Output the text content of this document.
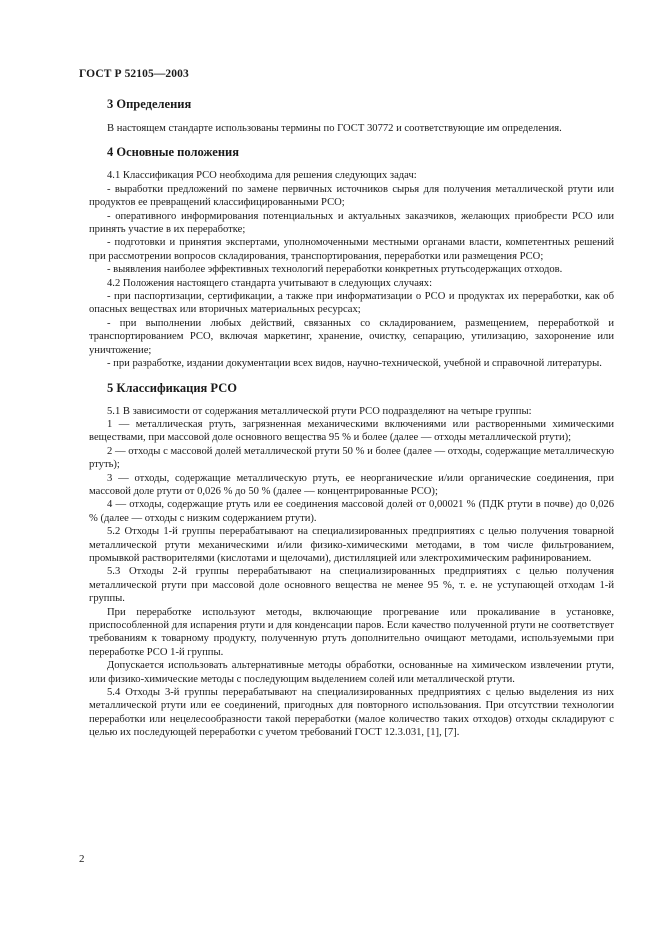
ГОСТ Р 52105—2003
3 Определения

В настоящем стандарте использованы термины по ГОСТ 30772 и соответствующие им определения.

4 Основные положения

4.1 Классификация РСО необходима для решения следующих задач:

- выработки предложений по замене первичных источников сырья для получения металлической ртути или продуктов ее превращений классифицированными РСО;

- оперативного информирования потенциальных и актуальных заказчиков, желающих приобрести РСО или принять участие в их переработке;

- подготовки и принятия экспертами, уполномоченными местными органами власти, компетентных решений при рассмотрении вопросов складирования, транспортирования, переработки или размещения РСО;

- выявления наиболее эффективных технологий переработки конкретных ртутьсодержащих отходов.

4.2 Положения настоящего стандарта учитывают в следующих случаях:

- при паспортизации, сертификации, а также при информатизации о РСО и продуктах их переработки, как об опасных веществах или вторичных материальных ресурсах;

- при выполнении любых действий, связанных со складированием, размещением, переработкой и транспортированием РСО, включая маркетинг, хранение, очистку, сепарацию, утилизацию, захоронение или уничтожение;

- при разработке, издании документации всех видов, научно-технической, учебной и справочной литературы.

5 Классификация РСО

5.1 В зависимости от содержания металлической ртути РСО подразделяют на четыре группы:

1 — металлическая ртуть, загрязненная механическими включениями или растворенными химическими веществами, при массовой доле основного вещества 95 % и более (далее — отходы металлической ртути);

2 — отходы с массовой долей металлической ртути 50 % и более (далее — отходы, содержащие металлическую ртуть);

3 — отходы, содержащие металлическую ртуть, ее неорганические и/или органические соединения, при массовой доле ртути от 0,026 % до 50 % (далее — концентрированные РСО);

4 — отходы, содержащие ртуть или ее соединения массовой долей от 0,00021 % (ПДК ртути в почве) до 0,026 % (далее — отходы с низким содержанием ртути).

5.2 Отходы 1-й группы перерабатывают на специализированных предприятиях с целью получения товарной металлической ртути механическими и/или физико-химическими методами, в том числе фильтрованием, промывкой растворителями (кислотами и щелочами), дистилляцией или электрохимическим рафинированием.

5.3 Отходы 2-й группы перерабатывают на специализированных предприятиях с целью получения металлической ртути при массовой доле основного вещества не менее 95 %, т. е. не уступающей отходам 1-й группы.

При переработке используют методы, включающие прогревание или прокаливание в установке, приспособленной для испарения ртути и для конденсации паров. Если качество полученной ртути не соответствует требованиям к товарному продукту, полученную ртуть дополнительно очищают методами, используемыми при переработке РСО 1-й группы.

Допускается использовать альтернативные методы обработки, основанные на химическом извлечении ртути, или физико-химические методы с последующим выделением солей или металлической ртути.

5.4 Отходы 3-й группы перерабатывают на специализированных предприятиях с целью выделения из них металлической ртути или ее соединений, пригодных для повторного использования. При отсутствии технологии переработки или нецелесообразности такой переработки (малое количество таких отходов) отходы складируют с целью их последующей переработки с учетом требований ГОСТ 12.3.031, [1], [7].

2
